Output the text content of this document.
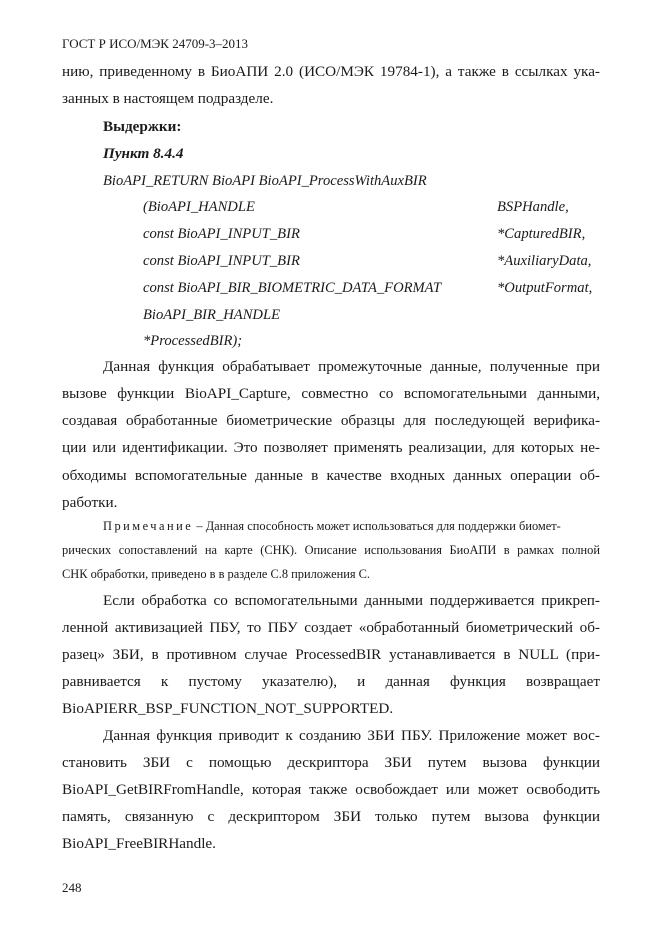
ГОСТ Р ИСО/МЭК 24709-3–2013
нию, приведенному в БиоАПИ 2.0 (ИСО/МЭК 19784-1), а также в ссылках ука-
занных в настоящем подразделе.
Выдержки:
Пункт 8.4.4
BioAPI_RETURN BioAPI BioAPI_ProcessWithAuxBIR
(BioAPI_HANDLE	BSPHandle,
const BioAPI_INPUT_BIR	*CapturedBIR,
const BioAPI_INPUT_BIR	*AuxiliaryData,
const BioAPI_BIR_BIOMETRIC_DATA_FORMAT	*OutputFormat,
BioAPI_BIR_HANDLE
*ProcessedBIR);
Данная функция обрабатывает промежуточные данные, полученные при
вызове функции BioAPI_Capture, совместно со вспомогательными данными,
создавая обработанные биометрические образцы для последующей верифика-
ции или идентификации. Это позволяет применять реализации, для которых не-
обходимы вспомогательные данные в качестве входных данных операции об-
работки.
Примечание – Данная способность может использоваться для поддержки биомет-
рических сопоставлений на карте (СНК). Описание использования БиоАПИ в рамках полной
СНК обработки, приведено в в разделе С.8 приложения С.
Если обработка со вспомогательными данными поддерживается прикреп-
ленной активизацией ПБУ, то ПБУ создает «обработанный биометрический об-
разец» ЗБИ, в противном случае ProcessedBIR устанавливается в NULL (при-
равнивается к пустому указателю), и данная функция возвращает
BioAPIERR_BSP_FUNCTION_NOT_SUPPORTED.
Данная функция приводит к созданию ЗБИ ПБУ. Приложение может вос-
становить ЗБИ с помощью дескриптора ЗБИ путем вызова функции
BioAPI_GetBIRFromHandle, которая также освобождает или может освободить
память, связанную с дескриптором ЗБИ только путем вызова функции
BioAPI_FreeBIRHandle.
248
